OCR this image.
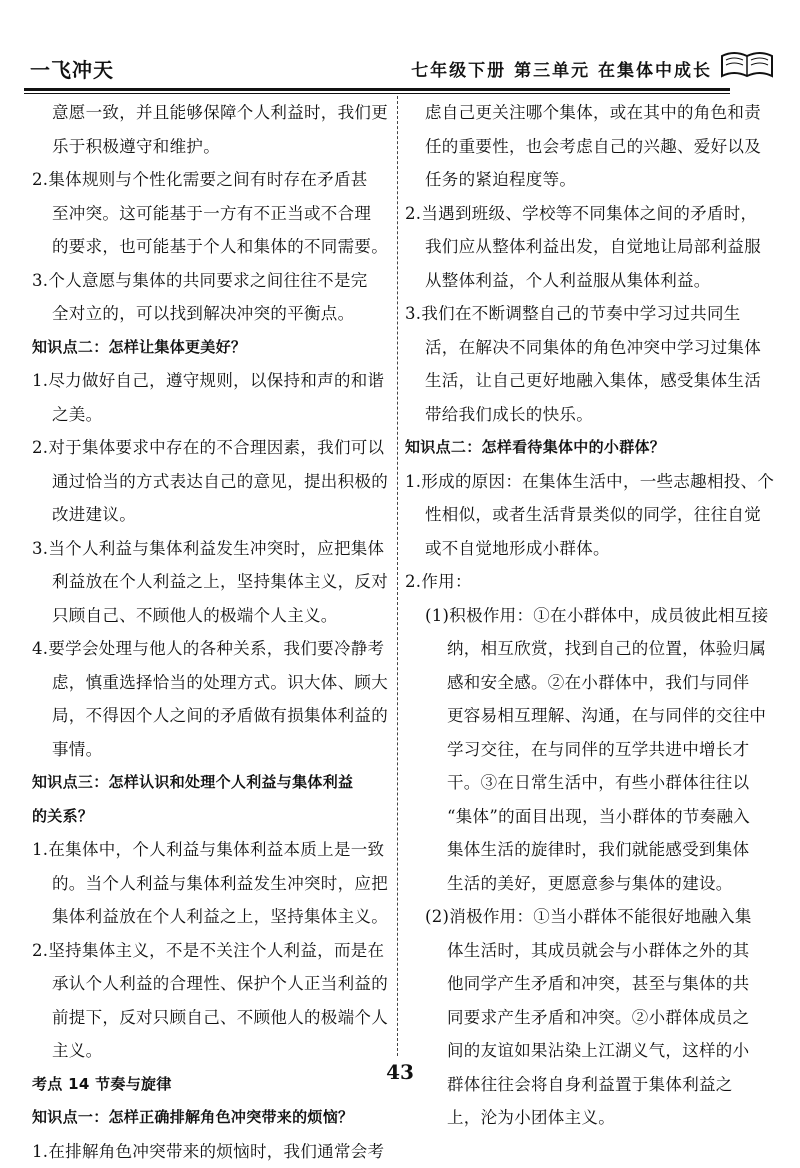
一飞冲天	七年级下册 第三单元 在集体中成长
意愿一致，并且能够保障个人利益时，我们更
乐于积极遵守和维护。
2.集体规则与个性化需要之间有时存在矛盾甚
至冲突。这可能基于一方有不正当或不合理
的要求，也可能基于个人和集体的不同需要。
3.个人意愿与集体的共同要求之间往往不是完
全对立的，可以找到解决冲突的平衡点。
知识点二：怎样让集体更美好？
1.尽力做好自己，遵守规则，以保持和声的和谐
之美。
2.对于集体要求中存在的不合理因素，我们可以
通过恰当的方式表达自己的意见，提出积极的
改进建议。
3.当个人利益与集体利益发生冲突时，应把集体
利益放在个人利益之上，坚持集体主义，反对
只顾自己、不顾他人的极端个人主义。
4.要学会处理与他人的各种关系，我们要冷静考
虑，慎重选择恰当的处理方式。识大体、顾大
局，不得因个人之间的矛盾做有损集体利益的
事情。
知识点三：怎样认识和处理个人利益与集体利益
的关系？
1.在集体中，个人利益与集体利益本质上是一致
的。当个人利益与集体利益发生冲突时，应把
集体利益放在个人利益之上，坚持集体主义。
2.坚持集体主义，不是不关注个人利益，而是在
承认个人利益的合理性、保护个人正当利益的
前提下，反对只顾自己、不顾他人的极端个人
主义。
考点 14 节奏与旋律
知识点一：怎样正确排解角色冲突带来的烦恼？
1.在排解角色冲突带来的烦恼时，我们通常会考
虑自己更关注哪个集体，或在其中的角色和责
任的重要性，也会考虑自己的兴趣、爱好以及
任务的紧迫程度等。
2.当遇到班级、学校等不同集体之间的矛盾时，
我们应从整体利益出发，自觉地让局部利益服
从整体利益，个人利益服从集体利益。
3.我们在不断调整自己的节奏中学习过共同生
活，在解决不同集体的角色冲突中学习过集体
生活，让自己更好地融入集体，感受集体生活
带给我们成长的快乐。
知识点二：怎样看待集体中的小群体？
1.形成的原因：在集体生活中，一些志趣相投、个
性相似，或者生活背景类似的同学，往往自觉
或不自觉地形成小群体。
2.作用：
(1)积极作用：①在小群体中，成员彼此相互接
纳，相互欣赏，找到自己的位置，体验归属
感和安全感。②在小群体中，我们与同伴
更容易相互理解、沟通，在与同伴的交往中
学习交往，在与同伴的互学共进中增长才
干。③在日常生活中，有些小群体往往以
“集体”的面目出现，当小群体的节奏融入
集体生活的旋律时，我们就能感受到集体
生活的美好，更愿意参与集体的建设。
(2)消极作用：①当小群体不能很好地融入集
体生活时，其成员就会与小群体之外的其
他同学产生矛盾和冲突，甚至与集体的共
同要求产生矛盾和冲突。②小群体成员之
间的友谊如果沾染上江湖义气，这样的小
群体往往会将自身利益置于集体利益之
上，沦为小团体主义。
43
